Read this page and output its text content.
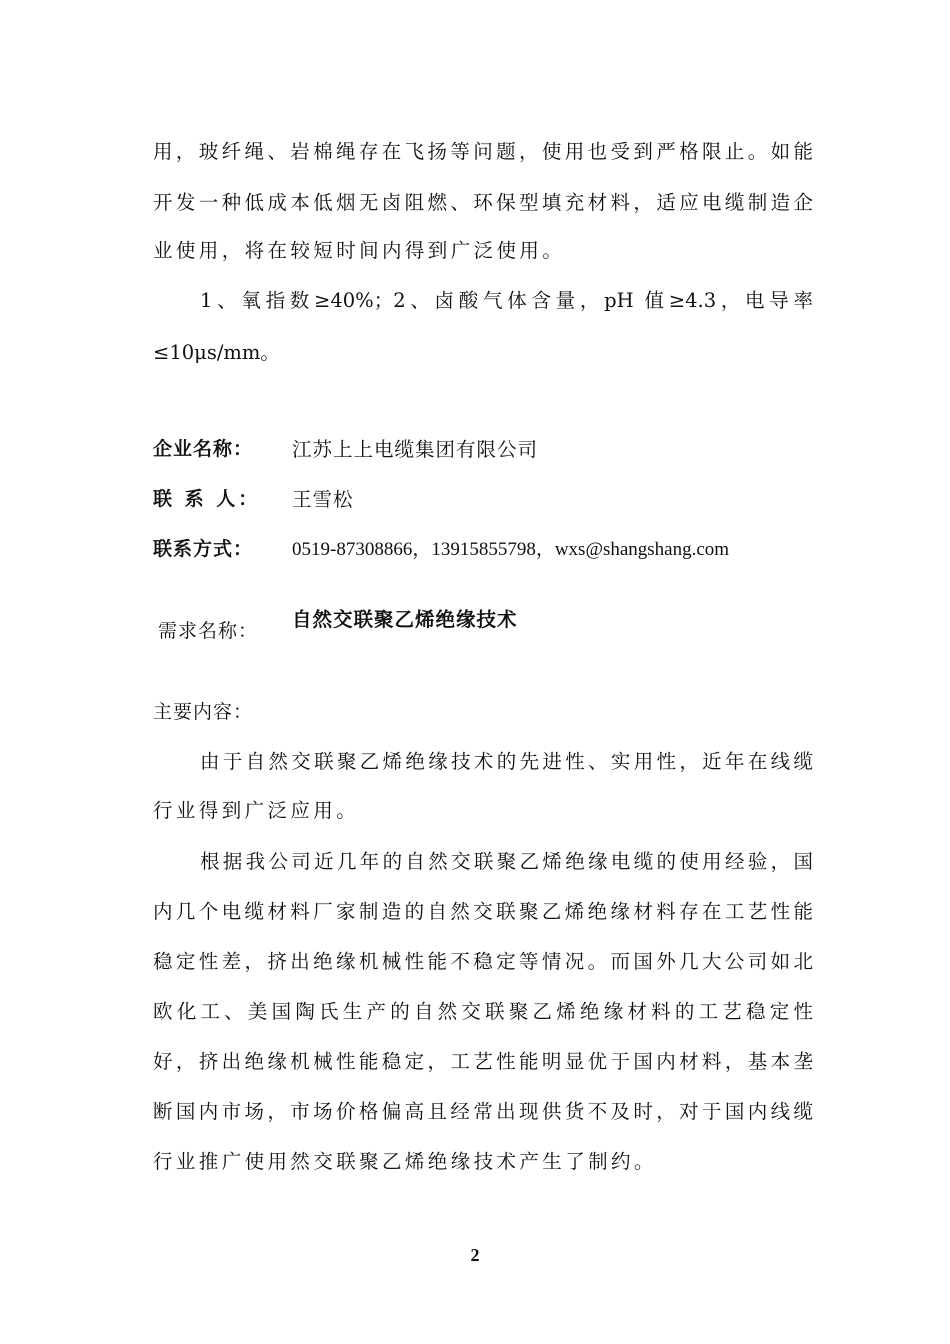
用，玻纤绳、岩棉绳存在飞扬等问题，使用也受到严格限止。如能
开发一种低成本低烟无卤阻燃、环保型填充材料，适应电缆制造企
业使用，将在较短时间内得到广泛使用。
1、氧指数≥40%；2、卤酸气体含量，pH 值≥4.3，电导率
≤10μs/mm。
企业名称： 江苏上上电缆集团有限公司
联 系 人： 王雪松
联系方式： 0519-87308866，13915855798，wxs@shangshang.com
需求名称： 自然交联聚乙烯绝缘技术
主要内容：
由于自然交联聚乙烯绝缘技术的先进性、实用性，近年在线缆
行业得到广泛应用。
根据我公司近几年的自然交联聚乙烯绝缘电缆的使用经验，国
内几个电缆材料厂家制造的自然交联聚乙烯绝缘材料存在工艺性能
稳定性差，挤出绝缘机械性能不稳定等情况。而国外几大公司如北
欧化工、美国陶氏生产的自然交联聚乙烯绝缘材料的工艺稳定性
好，挤出绝缘机械性能稳定，工艺性能明显优于国内材料，基本垄
断国内市场，市场价格偏高且经常出现供货不及时，对于国内线缆
行业推广使用然交联聚乙烯绝缘技术产生了制约。
2
